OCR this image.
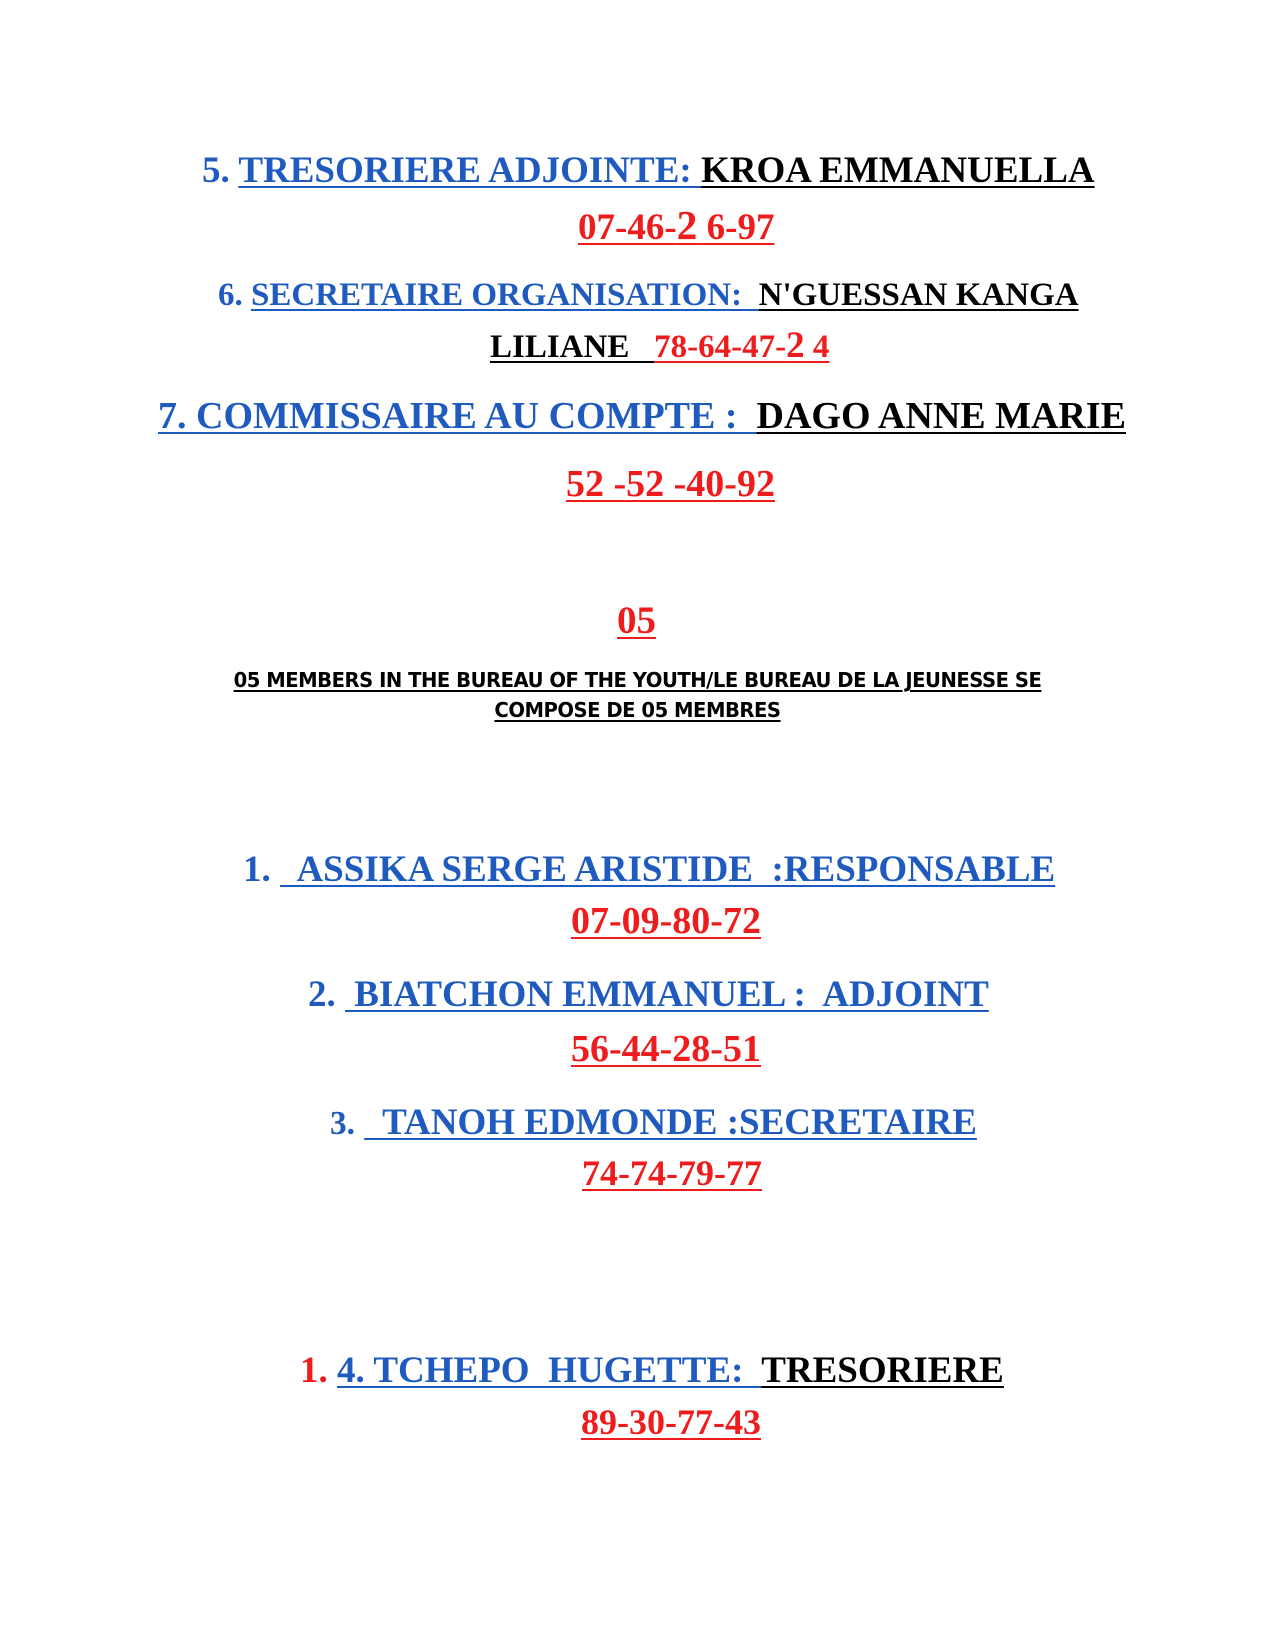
5. TRESORIERE ADJOINTE: KROA EMMANUELLA
07-46-2 6-97
6. SECRETAIRE ORGANISATION:  N'GUESSAN KANGA
LILIANE   78-64-47-2 4
7. COMMISSAIRE AU COMPTE :  DAGO ANNE MARIE
52 -52 -40-92
05
05 MEMBERS IN THE BUREAU OF THE YOUTH/LE BUREAU DE LA JEUNESSE SE
COMPOSE DE 05 MEMBRES
1.   ASSIKA SERGE ARISTIDE  :RESPONSABLE
07-09-80-72
2.  BIATCHON EMMANUEL :  ADJOINT
56-44-28-51
3.   TANOH EDMONDE :SECRETAIRE
74-74-79-77
1. 4. TCHEPO  HUGETTE:  TRESORIERE
89-30-77-43
